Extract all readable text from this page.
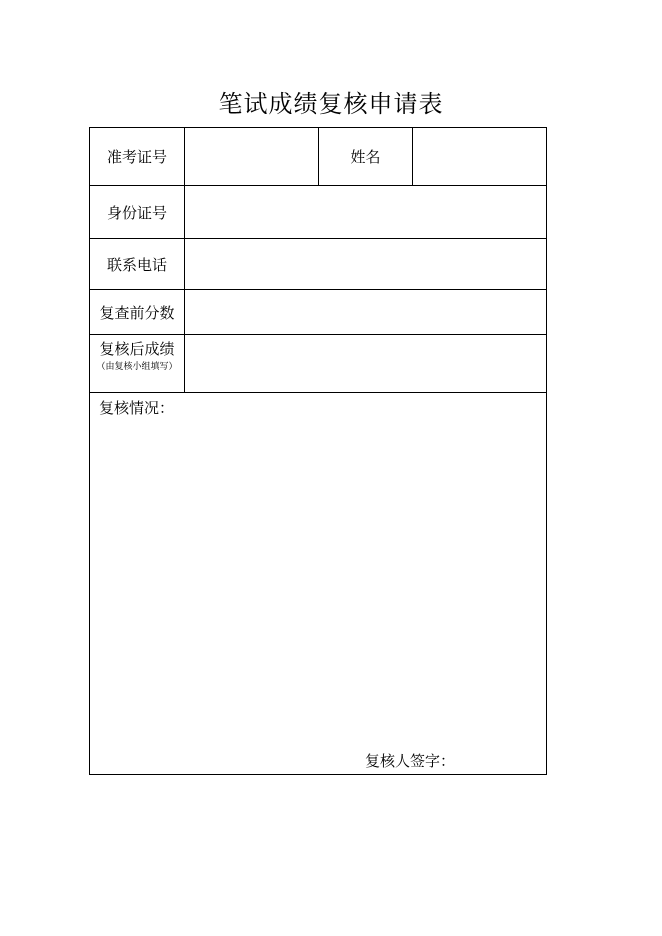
笔试成绩复核申请表
准考证号	姓名
身份证号
联系电话
复查前分数
复核后成绩
（由复核小组填写）
复核情况：
复核人签字：
